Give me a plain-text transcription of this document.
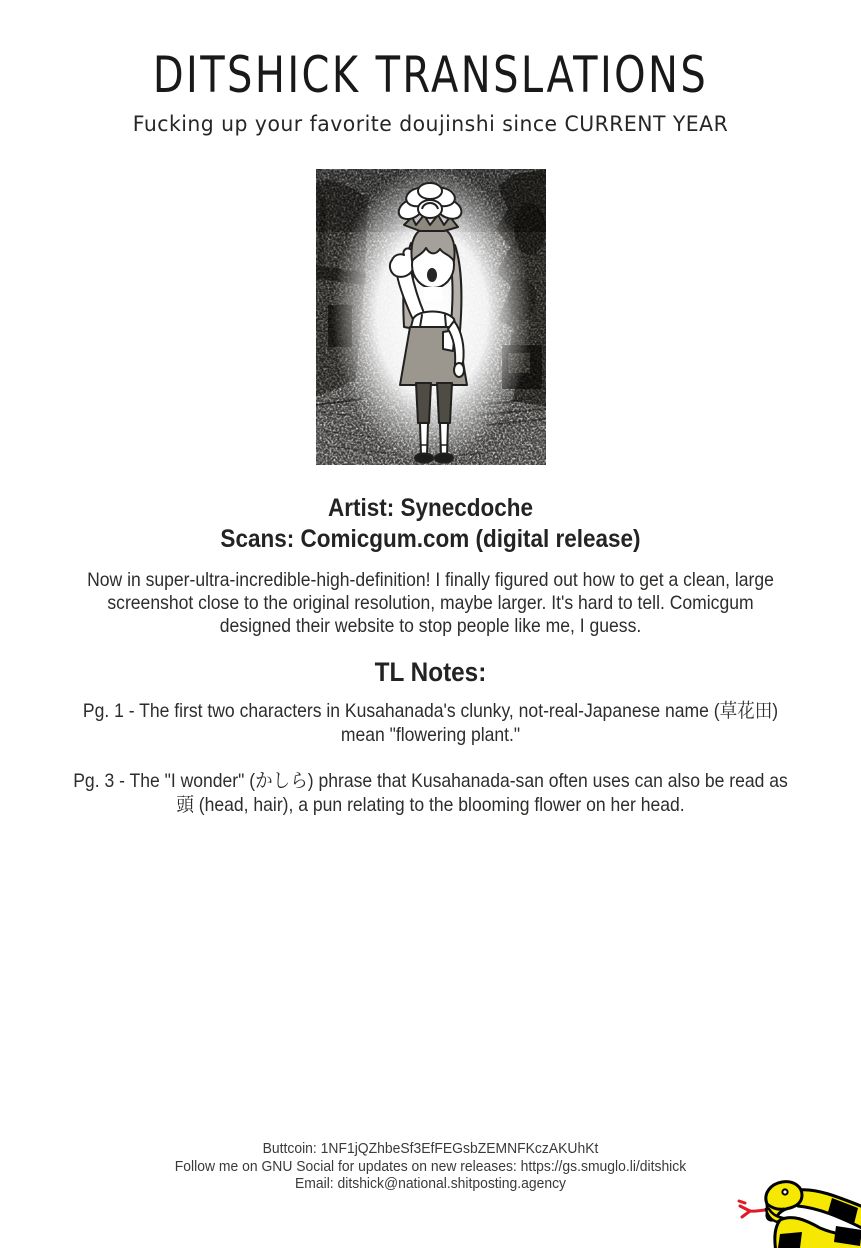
DITSHICK TRANSLATIONS
Fucking up your favorite doujinshi since CURRENT YEAR
Artist: Synecdoche
Scans: Comicgum.com (digital release)
Now in super-ultra-incredible-high-definition! I finally figured out how to get a clean, large
screenshot close to the original resolution, maybe larger. It's hard to tell. Comicgum
designed their website to stop people like me, I guess.
TL Notes:
Pg. 1 - The first two characters in Kusahanada's clunky, not-real-Japanese name (草花田)
mean "flowering plant."
Pg. 3 - The "I wonder" (かしら) phrase that Kusahanada-san often uses can also be read as
頭 (head, hair), a pun relating to the blooming flower on her head.
Buttcoin: 1NF1jQZhbeSf3EfFEGsbZEMNFKczAKUhKt
Follow me on GNU Social for updates on new releases: https://gs.smuglo.li/ditshick
Email: ditshick@national.shitposting.agency
